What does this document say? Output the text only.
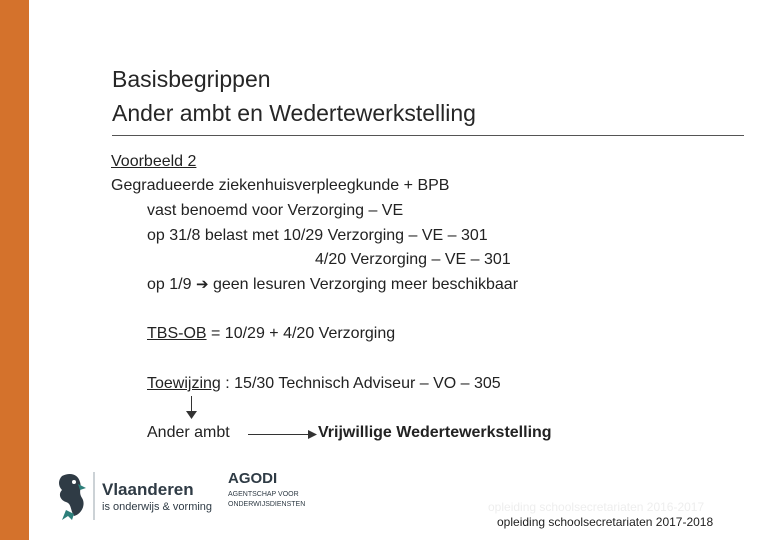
Basisbegrippen
Ander ambt en Wedertewerkstelling
Voorbeeld 2
Gegradueerde ziekenhuisverpleegkunde + BPB
vast benoemd voor Verzorging – VE
op 31/8 belast met 10/29 Verzorging – VE – 301
4/20 Verzorging – VE – 301
op 1/9 ➔ geen lesuren Verzorging meer beschikbaar
TBS-OB = 10/29 + 4/20 Verzorging
Toewijzing : 15/30 Technisch Adviseur – VO – 305
Ander ambt	Vrijwillige Wedertewerkstelling
Vlaanderen
is onderwijs & vorming
AGODI
AGENTSCHAP VOOR
ONDERWIJSDIENSTEN	opleiding schoolsecretariaten 2016-2017
opleiding schoolsecretariaten 2017-2018
